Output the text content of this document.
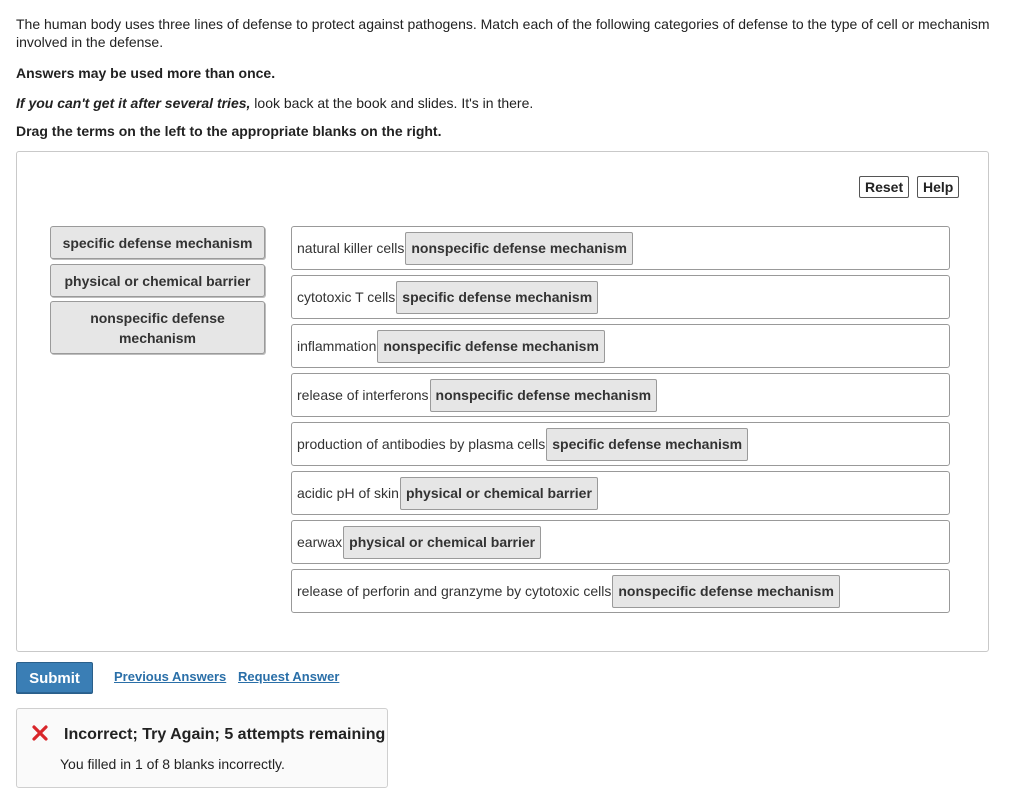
The human body uses three lines of defense to protect against pathogens. Match each of the following categories of defense to the type of cell or mechanism involved in the defense.

Answers may be used more than once.

If you can't get it after several tries, look back at the book and slides. It's in there.

Drag the terms on the left to the appropriate blanks on the right.

Reset	Help
specific defense mechanism
physical or chemical barrier
nonspecific defense mechanism
natural killer cells nonspecific defense mechanism
cytotoxic T cells specific defense mechanism
inflammation nonspecific defense mechanism
release of interferons nonspecific defense mechanism
production of antibodies by plasma cells specific defense mechanism
acidic pH of skin physical or chemical barrier
earwax physical or chemical barrier
release of perforin and granzyme by cytotoxic cells nonspecific defense mechanism
Submit	Previous Answers Request Answer
Incorrect; Try Again; 5 attempts remaining
You filled in 1 of 8 blanks incorrectly.
